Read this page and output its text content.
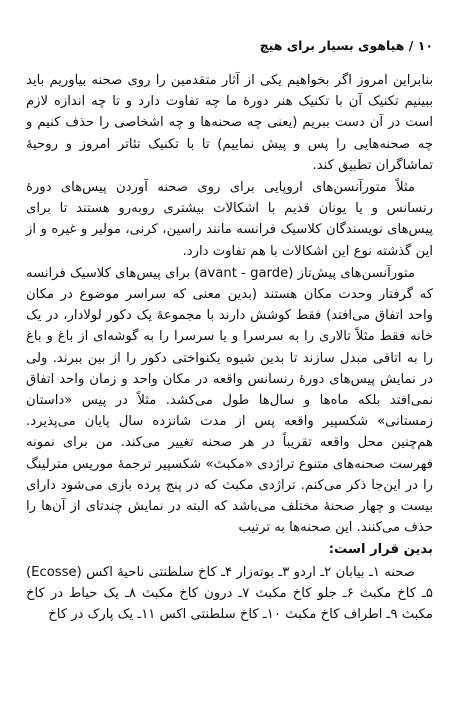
۱۰ / هیاهوی بسیار برای هیچ

بنابراین امروز اگر بخواهیم یکی از آثار متقدمین را روی صحنه بیاوریم باید ببینیم تکنیک آن با تکنیک هنر دورهٔ ما چه تفاوت دارد و تا چه اندازه لازم است در آن دست ببریم (یعنی چه صحنه‌ها و چه اشخاصی را حذف کنیم و چه صحنه‌هایی را پس و پیش نماییم) تا با تکنیک تئاتر امروز و روحیهٔ تماشاگران تطبیق کند.

مثلاً متورآنسن‌های اروپایی برای روی صحنه آوردن پیس‌های دورهٔ رنسانس و یا یونان قدیم با اشکالات بیشتری روبه‌رو هستند تا برای پیس‌های نویسندگان کلاسیک فرانسه مانند راسین، کرنی، مولیر و غیره و از این گذشته نوع این اشکالات با هم تفاوت دارد.

متورآنسن‌های پیش‌تاز (avant - garde) برای پیس‌های کلاسیک فرانسه که گرفتار وحدت مکان هستند (بدین معنی که سراسر موضوع در مکان واحد اتفاق می‌افتد) فقط کوشش دارند با مجموعهٔ یک دکور لولادار، در یک خانه فقط مثلاً تالاری را به سرسرا و یا سرسرا را به گوشه‌ای از باغ و باغ را به اتاقی مبدل سازند تا بدین شیوه یکنواختی دکور را از بین ببرند. ولی در نمایش پیس‌های دورهٔ رنسانس واقعه در مکان واحد و زمان واحد اتفاق نمی‌افتد بلکه ماه‌ها و سال‌ها طول می‌کشد. مثلاً در پیس «داستان زمستانی» شکسپیر واقعه پس از مدت شانزده سال پایان می‌پذیرد. هم‌چنین محل واقعه تقریباً در هر صحنه تغییر می‌کند. من برای نمونه فهرست صحنه‌های متنوع تراژدی «مکبث» شکسپیر ترجمهٔ موریس مترلینگ را در این‌جا ذکر می‌کنم. تراژدی مکبث که در پنج پرده بازی می‌شود دارای بیست و چهار صحنهٔ مختلف می‌باشد که البته در نمایش چندتای از آن‌ها را حذف می‌کنند. این صحنه‌ها به ترتیب

بدین قرار است:

صحنه ۱ـ بیابان ۲ـ اردو ۳ـ بوته‌زار ۴ـ کاخ سلطنتی ناحیهٔ اکس (Ecosse) ۵ـ کاخ مکبث ۶ـ جلو کاخ مکبث ۷ـ درون کاخ مکبث ۸ـ یک حیاط در کاخ مکبث ۹ـ اطراف کاخ مکبث ۱۰ـ کاخ سلطنتی اکس ۱۱ـ یک پارک در کاخ
